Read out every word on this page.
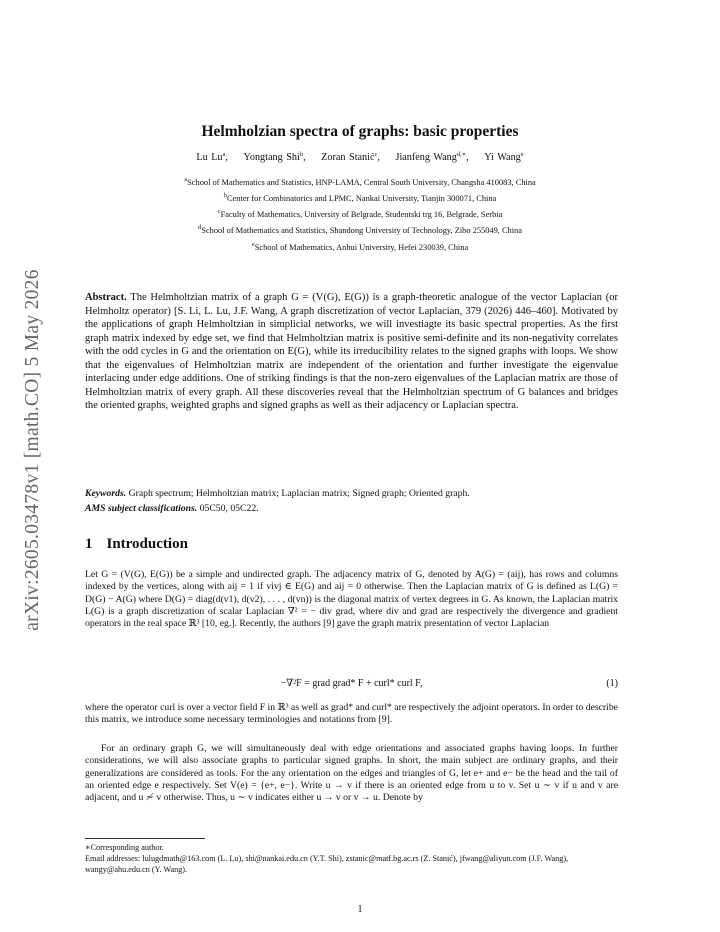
arXiv:2605.03478v1 [math.CO] 5 May 2026
Helmholzian spectra of graphs: basic properties
Lu Lu$^a$, Yongtang Shi$^b$, Zoran Stanić$^c$, Jianfeng Wang$^{d,∗}$, Yi Wang$^e$
$^a$School of Mathematics and Statistics, HNP-LAMA, Central South University, Changsha 410083, China
$^b$Center for Combinatorics and LPMC, Nankai University, Tianjin 300071, China
$^c$Faculty of Mathematics, University of Belgrade, Studentski trg 16, Belgrade, Serbia
$^d$School of Mathematics and Statistics, Shandong University of Technology, Zibo 255049, China
$^e$School of Mathematics, Anhui University, Hefei 230039, China

Abstract. The Helmholtzian matrix of a graph G = (V(G), E(G)) is a graph-theoretic analogue of the vector Laplacian (or Helmholtz operator) [S. Li, L. Lu, J.F. Wang, A graph discretization of vector Laplacian, 379 (2026) 446–460]. Motivated by the applications of graph Helmholtzian in simplicial networks, we will investiagte its basic spectral properties. As the first graph matrix indexed by edge set, we find that Helmholtzian matrix is positive semi-definite and its non-negativity correlates with the odd cycles in G and the orientation on E(G), while its irreducibility relates to the signed graphs with loops. We show that the eigenvalues of Helmholtzian matrix are independent of the orientation and further investigate the eigenvalue interlacing under edge additions. One of striking findings is that the non-zero eigenvalues of the Laplacian matrix are those of Helmholtzian matrix of every graph. All these discoveries reveal that the Helmholtzian spectrum of G balances and bridges the oriented graphs, weighted graphs and signed graphs as well as their adjacency or Laplacian spectra.

Keywords. Graph spectrum; Helmholtzian matrix; Laplacian matrix; Signed graph; Oriented graph.
AMS subject classifications. 05C50, 05C22.
1 Introduction

Let G = (V(G), E(G)) be a simple and undirected graph. The adjacency matrix of G, denoted by A(G) = (aij), has rows and columns indexed by the vertices, along with aij = 1 if vivj ∈ E(G) and aij = 0 otherwise. Then the Laplacian matrix of G is defined as L(G) = D(G) − A(G) where D(G) = diag(d(v1), d(v2), . . . , d(vn)) is the diagonal matrix of vertex degrees in G. As known, the Laplacian matrix L(G) is a graph discretization of scalar Laplacian ∇² = − div grad, where div and grad are respectively the divergence and gradient operators in the real space ℝ³ [10, eg.]. Recently, the authors [9] gave the graph matrix presentation of vector Laplacian

−∇²F = grad grad* F + curl* curl F,	(1)

where the operator curl is over a vector field F in ℝ³ as well as grad* and curl* are respectively the adjoint operators. In order to describe this matrix, we introduce some necessary terminologies and notations from [9].

For an ordinary graph G, we will simultaneously deal with edge orientations and associated graphs having loops. In further considerations, we will also associate graphs to particular signed graphs. In short, the main subject are ordinary graphs, and their generalizations are considered as tools. For the any orientation on the edges and triangles of G, let e+ and e− be the head and the tail of an oriented edge e respectively. Set V(e) = {e+, e−}. Write u → v if there is an oriented edge from u to v. Set u ∼ v if u and v are adjacent, and u ≁ v otherwise. Thus, u ∼ v indicates either u → v or v → u. Denote by

∗Corresponding author.
Email addresses: lulugdmath@163.com (L. Lu), shi@nankai.edu.cn (Y.T. Shi), zstanic@matf.bg.ac.rs (Z. Stanić), jfwang@aliyun.com (J.F. Wang), wangy@ahu.edu.cn (Y. Wang).
1
